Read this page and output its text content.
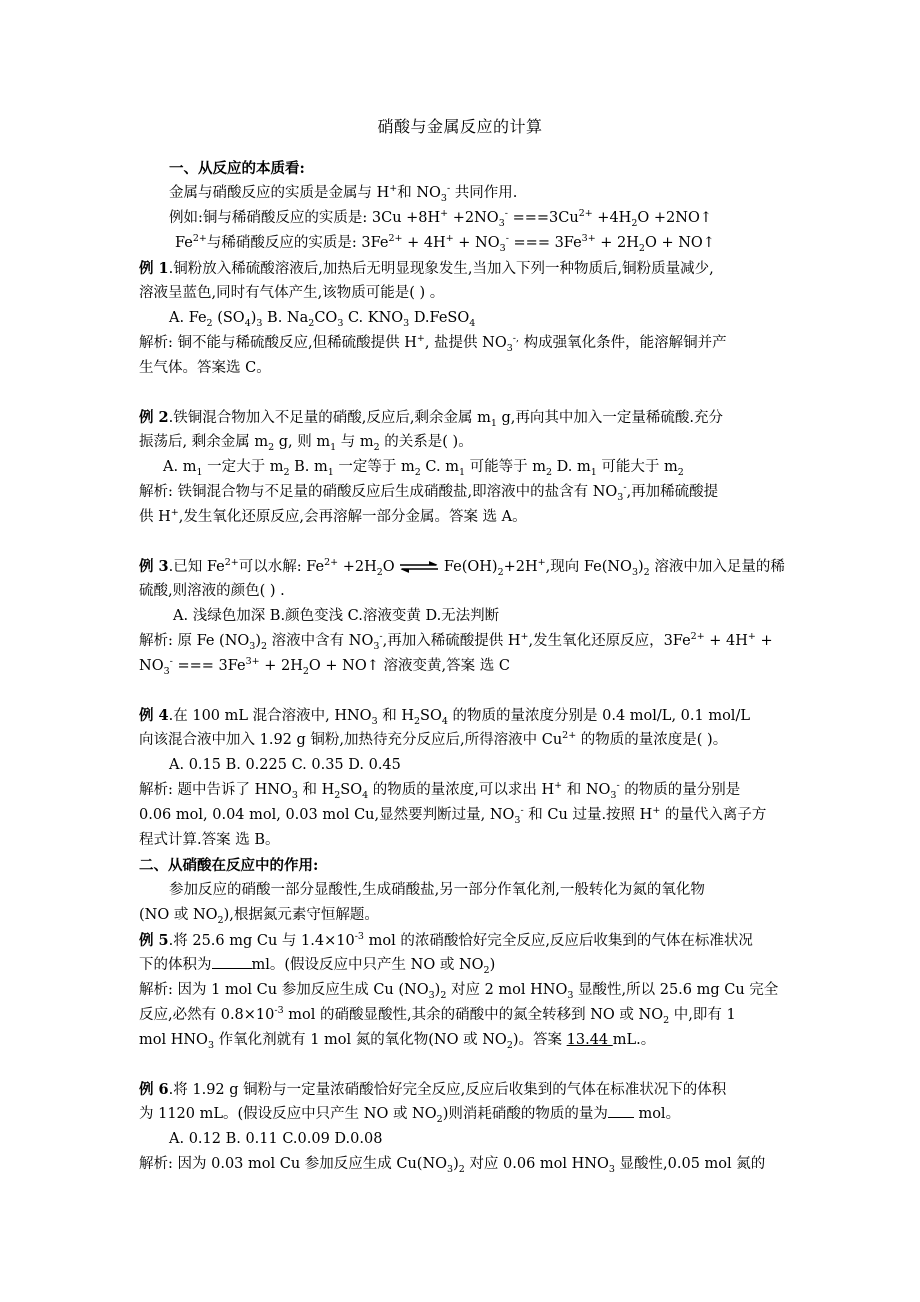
硝酸与金属反应的计算
一、从反应的本质看:
金属与硝酸反应的实质是金属与 H+和 $NO_3^-$ 共同作用.
例如:铜与稀硝酸反应的实质是: $3Cu +8H^+ +2NO_3^- ===3Cu^{2+} +4H_2O$ +2NO↑
$Fe^{2+}$与稀硝酸反应的实质是: $3Fe^{2+} + 4H^+ + NO_3^-$ === $3Fe^{3+} + 2H_2O$ + NO↑
例 1.铜粉放入稀硫酸溶液后,加热后无明显现象发生,当加入下列一种物质后,铜粉质量减少,
溶液呈蓝色,同时有气体产生,该物质可能是( ) 。
A. $Fe_2$ $(SO_4)_3$ B. $Na_2CO_3$ C. $KNO_3$ D.FeSO$_4$
解析: 铜不能与稀硫酸反应,但稀硫酸提供 H+, 盐提供 $NO_3^{-,}$ 构成强氧化条件，能溶解铜并产
生气体。答案选 C。
例 2.铁铜混合物加入不足量的硝酸,反应后,剩余金属 $m_1$ g,再向其中加入一定量稀硫酸.充分
振荡后, 剩余金属 $m_2$ g, 则 $m_1$ 与 $m_2$ 的关系是( )。
A. $m_1$ 一定大于 $m_2$ B. $m_1$ 一定等于 $m_2$ C. $m_1$ 可能等于 $m_2$ D. $m_1$ 可能大于 $m_2$
解析: 铁铜混合物与不足量的硝酸反应后生成硝酸盐,即溶液中的盐含有 $NO_3^-$,再加稀硫酸提
供 H+,发生氧化还原反应,会再溶解一部分金属。答案 选 A。
例 3.已知 $Fe^{2+}$可以水解: $Fe^{2+} +2H_2O$ ⇌ $Fe(OH)_2+2H^+$,现向 $Fe(NO_3)_2$ 溶液中加入足量的稀
硫酸,则溶液的颜色( ) .
A. 浅绿色加深 B.颜色变浅 C.溶液变黄 D.无法判断
解析: 原 Fe $(NO_3)_2$ 溶液中含有 $NO_3^-$,再加入稀硫酸提供 H+,发生氧化还原反应，$3Fe^{2+} + 4H^+$ +
$NO_3^-$ === $3Fe^{3+} + 2H_2O$ + NO↑ 溶液变黄,答案 选 C
例 4.在 100 mL 混合溶液中, $HNO_3$ 和 $H_2SO_4$ 的物质的量浓度分别是 0.4 mol/L, 0.1 mol/L
向该混合液中加入 1.92 g 铜粉,加热待充分反应后,所得溶液中 $Cu^{2+}$ 的物质的量浓度是( )。
A. 0.15 B. 0.225 C. 0.35 D. 0.45
解析: 题中告诉了 $HNO_3$ 和 $H_2SO_4$ 的物质的量浓度,可以求出 H+ 和 $NO_3^-$ 的物质的量分别是
0.06 mol, 0.04 mol, 0.03 mol Cu,显然要判断过量, $NO_3^-$ 和 Cu 过量.按照 H+ 的量代入离子方
程式计算.答案 选 B。
二、从硝酸在反应中的作用:
参加反应的硝酸一部分显酸性,生成硝酸盐,另一部分作氧化剂,一般转化为氮的氧化物
(NO 或 $NO_2$),根据氮元素守恒解题。
例 5.将 25.6 mg Cu 与 $1.4\times 10^{-3}$ mol 的浓硝酸恰好完全反应,反应后收集到的气体在标准状况
下的体积为	ml。(假设反应中只产生 NO 或 $NO_2$)
解析: 因为 1 mol Cu 参加反应生成 Cu $(NO_3)_2$ 对应 2 mol $HNO_3$ 显酸性,所以 25.6 mg Cu 完全
反应,必然有 $0.8\times 10^{-3}$ mol 的硝酸显酸性,其余的硝酸中的氮全转移到 NO 或 $NO_2$ 中,即有 1
mol $HNO_3$ 作氧化剂就有 1 mol 氮的氧化物(NO 或 $NO_2$)。答案 13.44 mL.。
例 6.将 1.92 g 铜粉与一定量浓硝酸恰好完全反应,反应后收集到的气体在标准状况下的体积
为 1120 mL。(假设反应中只产生 NO 或 $NO_2$)则消耗硝酸的物质的量为 mol。
A. 0.12 B. 0.11 C.0.09 D.0.08
解析: 因为 0.03 mol Cu 参加反应生成 $Cu(NO_3)_2$ 对应 0.06 mol $HNO_3$ 显酸性,0.05 mol 氮的
